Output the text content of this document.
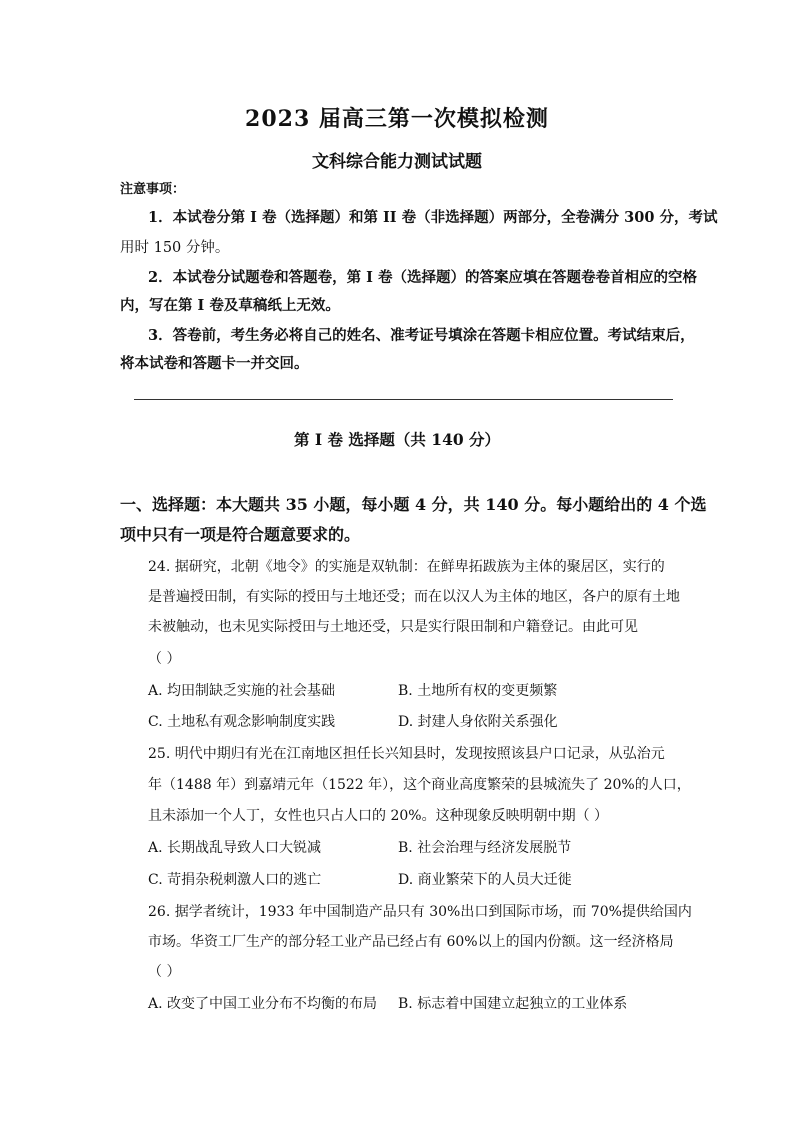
2023 届高三第一次模拟检测
文科综合能力测试试题
注意事项：
1．本试卷分第 I 卷（选择题）和第 II 卷（非选择题）两部分，全卷满分 300 分，考试
用时 150 分钟。
2．本试卷分试题卷和答题卷，第 I 卷（选择题）的答案应填在答题卷卷首相应的空格
内，写在第 I 卷及草稿纸上无效。
3．答卷前，考生务必将自己的姓名、准考证号填涂在答题卡相应位置。考试结束后，
将本试卷和答题卡一并交回。
第 I 卷 选择题（共 140 分）
一、选择题：本大题共 35 小题，每小题 4 分，共 140 分。每小题给出的 4 个选
项中只有一项是符合题意要求的。
24. 据研究，北朝《地令》的实施是双轨制：在鲜卑拓跋族为主体的聚居区，实行的
是普遍授田制，有实际的授田与土地还受；而在以汉人为主体的地区，各户的原有土地
未被触动，也未见实际授田与土地还受，只是实行限田制和户籍登记。由此可见
（ ）
A. 均田制缺乏实施的社会基础	B. 土地所有权的变更频繁
C. 土地私有观念影响制度实践	D. 封建人身依附关系强化
25. 明代中期归有光在江南地区担任长兴知县时，发现按照该县户口记录，从弘治元
年（1488 年）到嘉靖元年（1522 年），这个商业高度繁荣的县城流失了 20%的人口，
且未添加一个人丁，女性也只占人口的 20%。这种现象反映明朝中期（ ）
A. 长期战乱导致人口大锐减	B. 社会治理与经济发展脱节
C. 苛捐杂税刺激人口的逃亡	D. 商业繁荣下的人员大迁徙
26. 据学者统计，1933 年中国制造产品只有 30%出口到国际市场，而 70%提供给国内
市场。华资工厂生产的部分轻工业产品已经占有 60%以上的国内份额。这一经济格局
（ ）
A. 改变了中国工业分布不均衡的布局 B. 标志着中国建立起独立的工业体系
